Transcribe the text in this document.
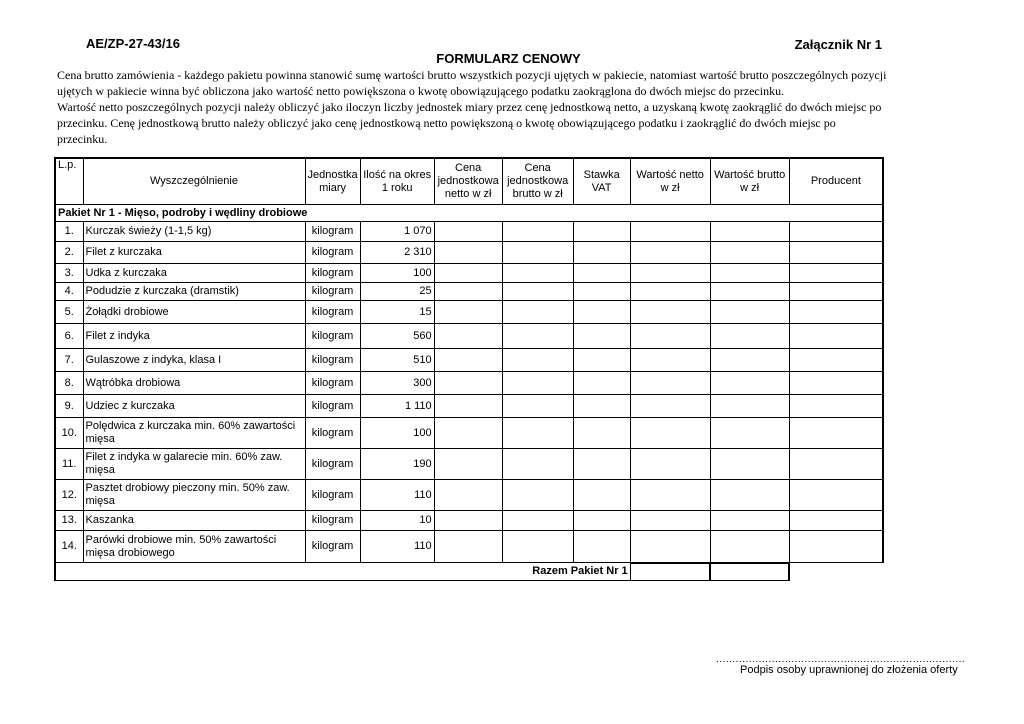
AE/ZP-27-43/16	Załącznik Nr 1
FORMULARZ CENOWY

Cena brutto zamówienia - każdego pakietu powinna stanowić sumę wartości brutto wszystkich pozycji ujętych w pakiecie, natomiast wartość brutto poszczególnych pozycji ujętych w pakiecie winna być obliczona jako wartość netto powiększona o kwotę obowiązującego podatku zaokrąglona do dwóch miejsc do przecinku.

Wartość netto poszczególnych pozycji należy obliczyć jako iloczyn liczby jednostek miary przez cenę jednostkową netto, a uzyskaną kwotę zaokrąglić do dwóch miejsc po przecinku. Cenę jednostkową brutto należy obliczyć jako cenę jednostkową netto powiększoną o kwotę obowiązującego podatku i zaokrąglić do dwóch miejsc po przecinku.

L.p.	Wyszczególnienie	Jednostka miary	Ilość na okres 1 roku	Cena jednostkowa netto w zł	Cena jednostkowa brutto w zł	Stawka VAT	Wartość netto w zł	Wartość brutto w zł	Producent
Pakiet Nr 1 - Mięso, podroby i wędliny drobiowe									
1.	Kurczak świeży (1-1,5 kg)	kilogram	1 070						
2.	Filet z kurczaka	kilogram	2 310						
3.	Udka z kurczaka	kilogram	100						
4.	Podudzie z kurczaka (dramstik)	kilogram	25						
5.	Żołądki drobiowe	kilogram	15						
6.	Filet z indyka	kilogram	560						
7.	Gulaszowe z indyka, klasa I	kilogram	510						
8.	Wątróbka drobiowa	kilogram	300						
9.	Udziec z kurczaka	kilogram	1 110						
10.	Polędwica z kurczaka min. 60% zawartości mięsa	kilogram	100						
11.	Filet z indyka w galarecie min. 60% zaw. mięsa	kilogram	190						
12.	Pasztet drobiowy pieczony min. 50% zaw. mięsa	kilogram	110						
13.	Kaszanka	kilogram	10						
14.	Parówki drobiowe min. 50% zawartości mięsa drobiowego	kilogram	110						
Razem Pakiet Nr 1									
............................................................................
Podpis osoby uprawnionej do złożenia oferty
